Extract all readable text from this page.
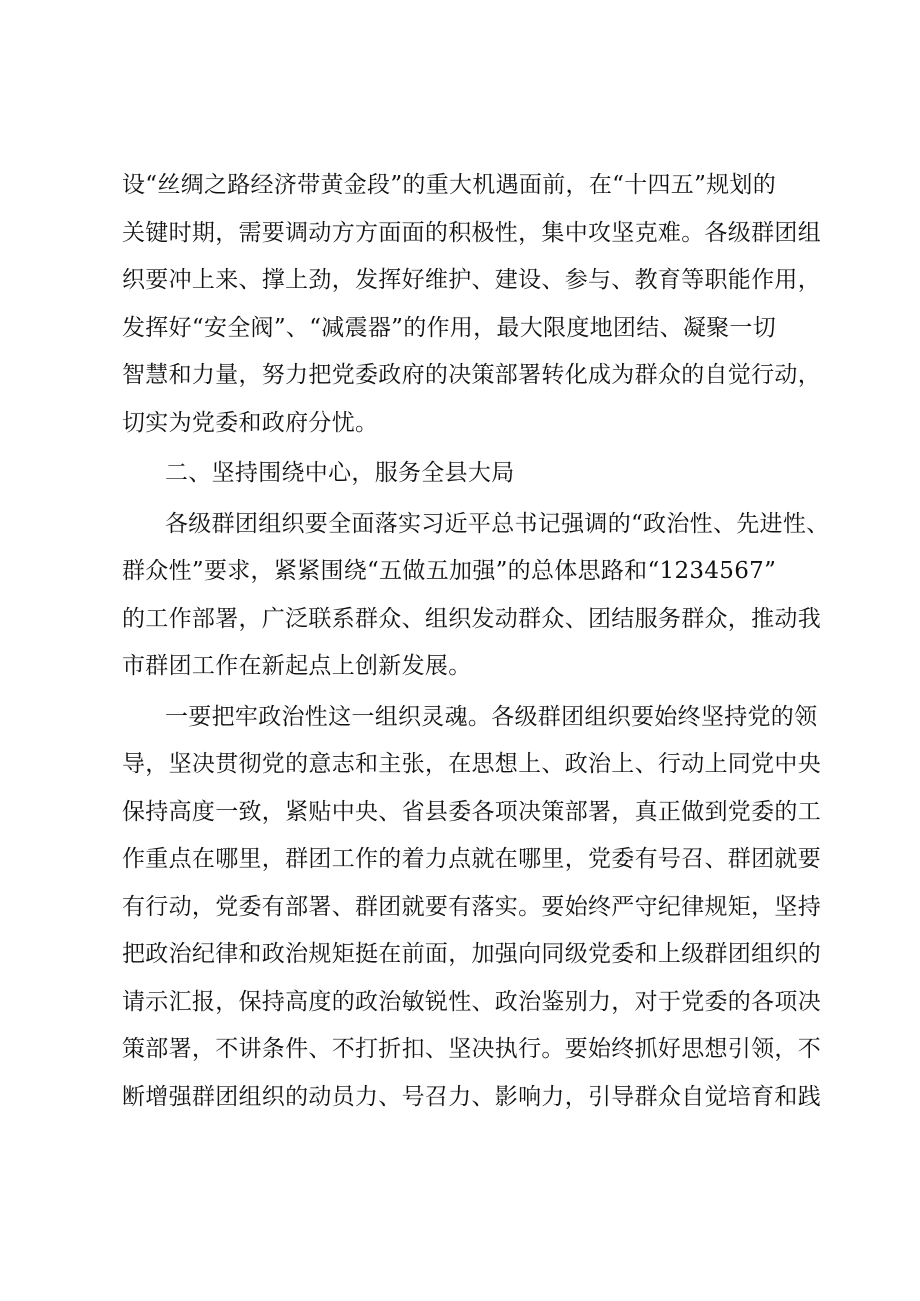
设“丝绸之路经济带黄金段”的重大机遇面前，在“十四五”规划的
关键时期，需要调动方方面面的积极性，集中攻坚克难。各级群团组
织要冲上来、撑上劲，发挥好维护、建设、参与、教育等职能作用，
发挥好“安全阀”、“减震器”的作用，最大限度地团结、凝聚一切
智慧和力量，努力把党委政府的决策部署转化成为群众的自觉行动，
切实为党委和政府分忧。
二、坚持围绕中心，服务全县大局
各级群团组织要全面落实习近平总书记强调的“政治性、先进性、
群众性”要求，紧紧围绕“五做五加强”的总体思路和“1234567”
的工作部署，广泛联系群众、组织发动群众、团结服务群众，推动我
市群团工作在新起点上创新发展。
一要把牢政治性这一组织灵魂。各级群团组织要始终坚持党的领
导，坚决贯彻党的意志和主张，在思想上、政治上、行动上同党中央
保持高度一致，紧贴中央、省县委各项决策部署，真正做到党委的工
作重点在哪里，群团工作的着力点就在哪里，党委有号召、群团就要
有行动，党委有部署、群团就要有落实。要始终严守纪律规矩，坚持
把政治纪律和政治规矩挺在前面，加强向同级党委和上级群团组织的
请示汇报，保持高度的政治敏锐性、政治鉴别力，对于党委的各项决
策部署，不讲条件、不打折扣、坚决执行。要始终抓好思想引领，不
断增强群团组织的动员力、号召力、影响力，引导群众自觉培育和践
